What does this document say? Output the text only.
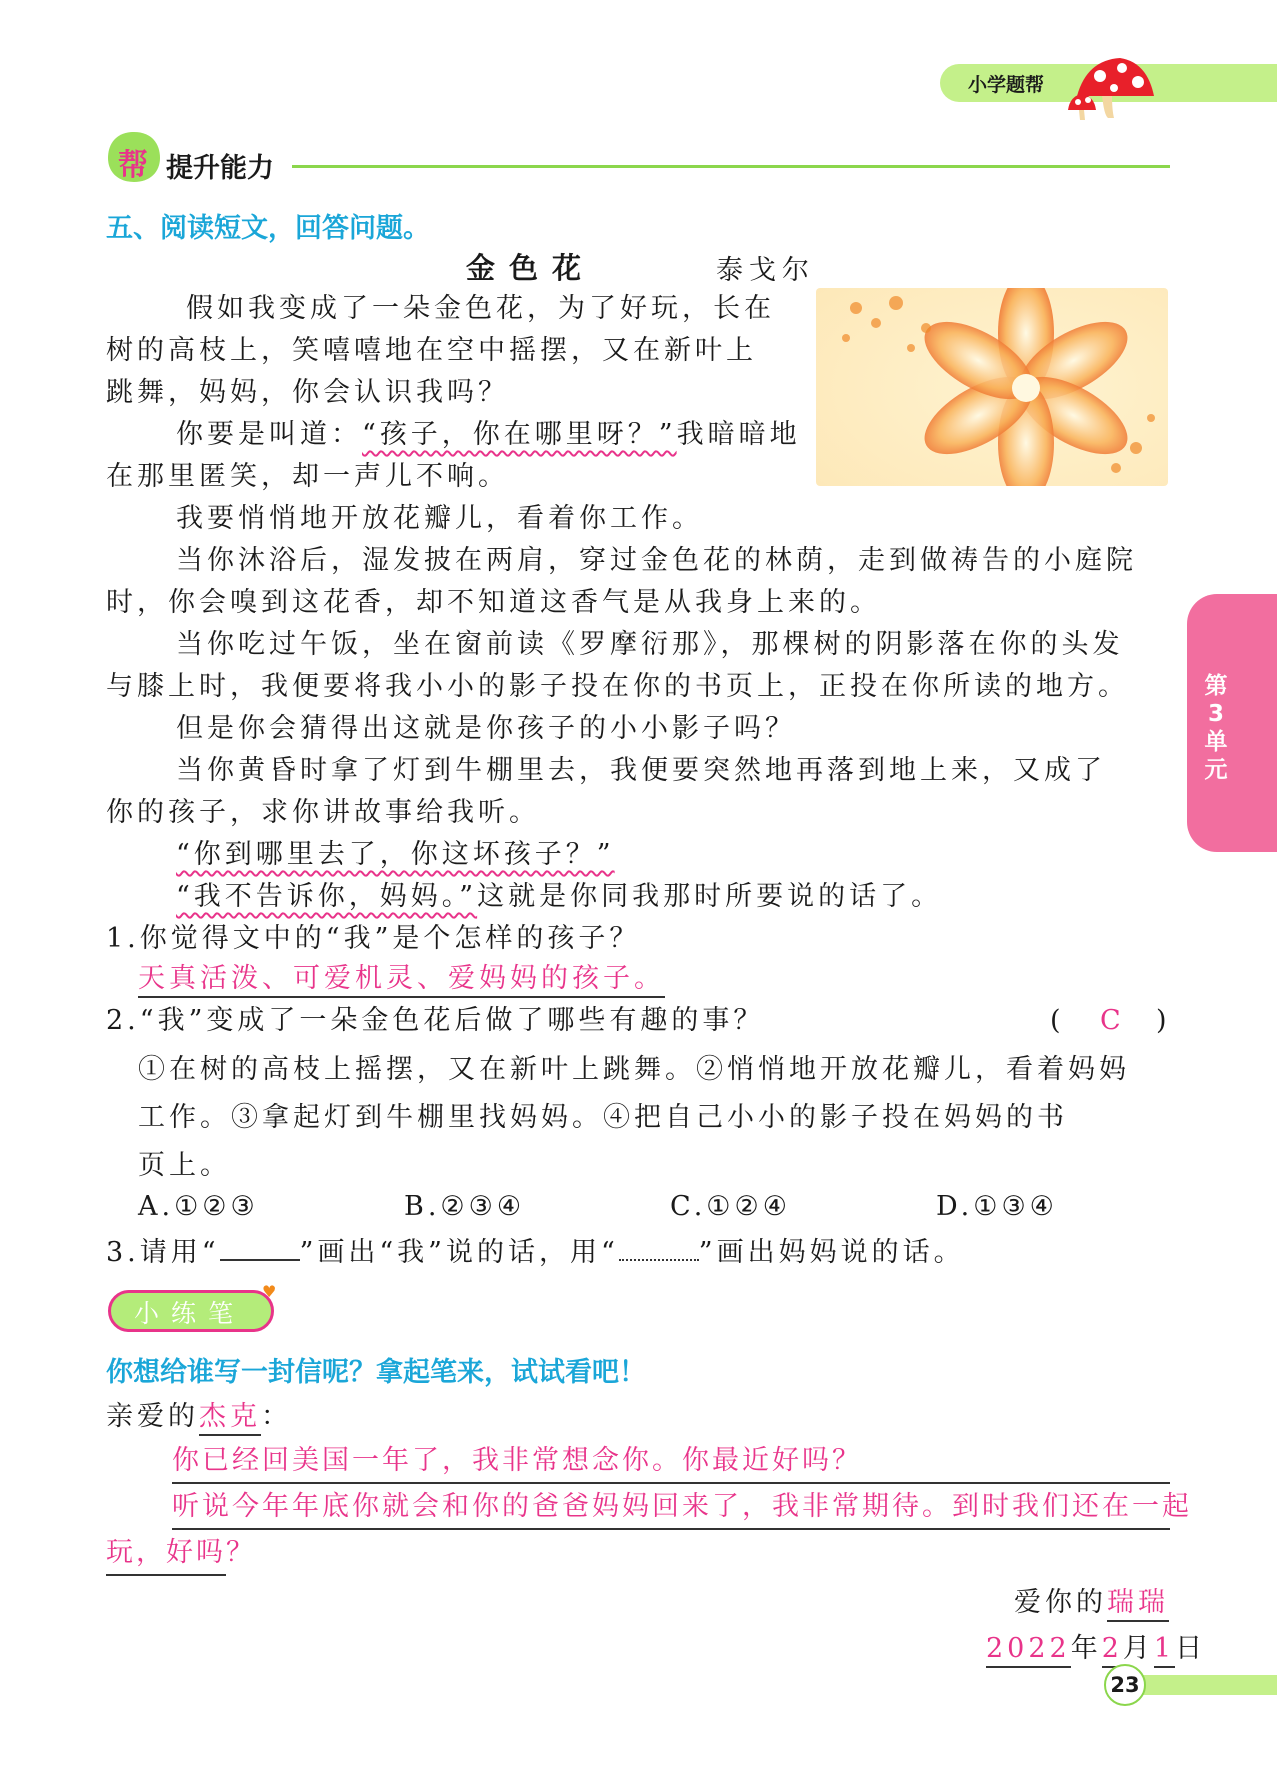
小学题帮
帮 提升能力
五、阅读短文，回答问题。
金色花	泰戈尔
假如我变成了一朵金色花，为了好玩，长在
树的高枝上，笑嘻嘻地在空中摇摆，又在新叶上
跳舞，妈妈，你会认识我吗？
你要是叫道：“孩子，你在哪里呀？”我暗暗地
在那里匿笑，却一声儿不响。
我要悄悄地开放花瓣儿，看着你工作。
当你沐浴后，湿发披在两肩，穿过金色花的林荫，走到做祷告的小庭院
时，你会嗅到这花香，却不知道这香气是从我身上来的。
当你吃过午饭，坐在窗前读《罗摩衍那》，那棵树的阴影落在你的头发
与膝上时，我便要将我小小的影子投在你的书页上，正投在你所读的地方。
但是你会猜得出这就是你孩子的小小影子吗？
当你黄昏时拿了灯到牛棚里去，我便要突然地再落到地上来，又成了
你的孩子，求你讲故事给我听。
“你到哪里去了，你这坏孩子？”
“我不告诉你，妈妈。”这就是你同我那时所要说的话了。
第
3
单
元
1.你觉得文中的“我”是个怎样的孩子？
天真活泼、可爱机灵、爱妈妈的孩子。
2.“我”变成了一朵金色花后做了哪些有趣的事？	( C )
①在树的高枝上摇摆，又在新叶上跳舞。②悄悄地开放花瓣儿，看着妈妈
工作。③拿起灯到牛棚里找妈妈。④把自己小小的影子投在妈妈的书
页上。
A.①②③	B.②③④	C.①②④	D.①③④
3.请用“	”画出“我”说的话，用“	”画出妈妈说的话。
小练笔
♥
你想给谁写一封信呢？拿起笔来，试试看吧！
亲爱的杰克：
你已经回美国一年了，我非常想念你。你最近好吗？
听说今年年底你就会和你的爸爸妈妈回来了，我非常期待。到时我们还在一起
玩，好吗？
爱你的瑞瑞
2022年2月1日
23
